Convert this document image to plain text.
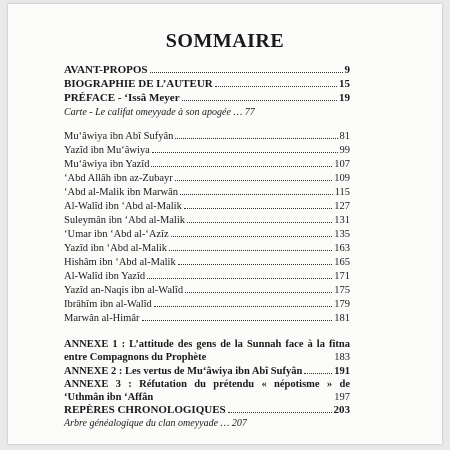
SOMMAIRE
AVANT-PROPOS	9
BIOGRAPHIE DE L’AUTEUR	15
PRÉFACE - ‘Issâ Meyer	19
Carte - Le califat omeyyade à son apogée … 77
Mu‘âwiya ibn Abî Sufyân	81
Yazîd ibn Mu‘âwiya	99
Mu‘âwiya ibn Yazîd	107
‘Abd Allâh ibn az-Zubayr	109
‘Abd al-Malik ibn Marwân	115
Al-Walîd ibn ‘Abd al-Malik	127
Suleymân ibn ‘Abd al-Malik	131
‘Umar ibn ‘Abd al-‘Azîz	135
Yazîd ibn ‘Abd al-Malik	163
Hishâm ibn ‘Abd al-Malik	165
Al-Walîd ibn Yazîd	171
Yazîd an-Naqis ibn al-Walîd	175
Ibrâhîm ibn al-Walîd	179
Marwân al-Himâr	181
ANNEXE 1 : L’attitude des gens de la Sunnah face à la fitna entre Compagnons du Prophète	183
ANNEXE 2 : Les vertus de Mu‘âwiya ibn Abî Sufyân	191
ANNEXE 3 : Réfutation du prétendu « népotisme » de ‘Uthmân ibn ‘Affân	197
REPÈRES CHRONOLOGIQUES	203
Arbre généalogique du clan omeyyade … 207
